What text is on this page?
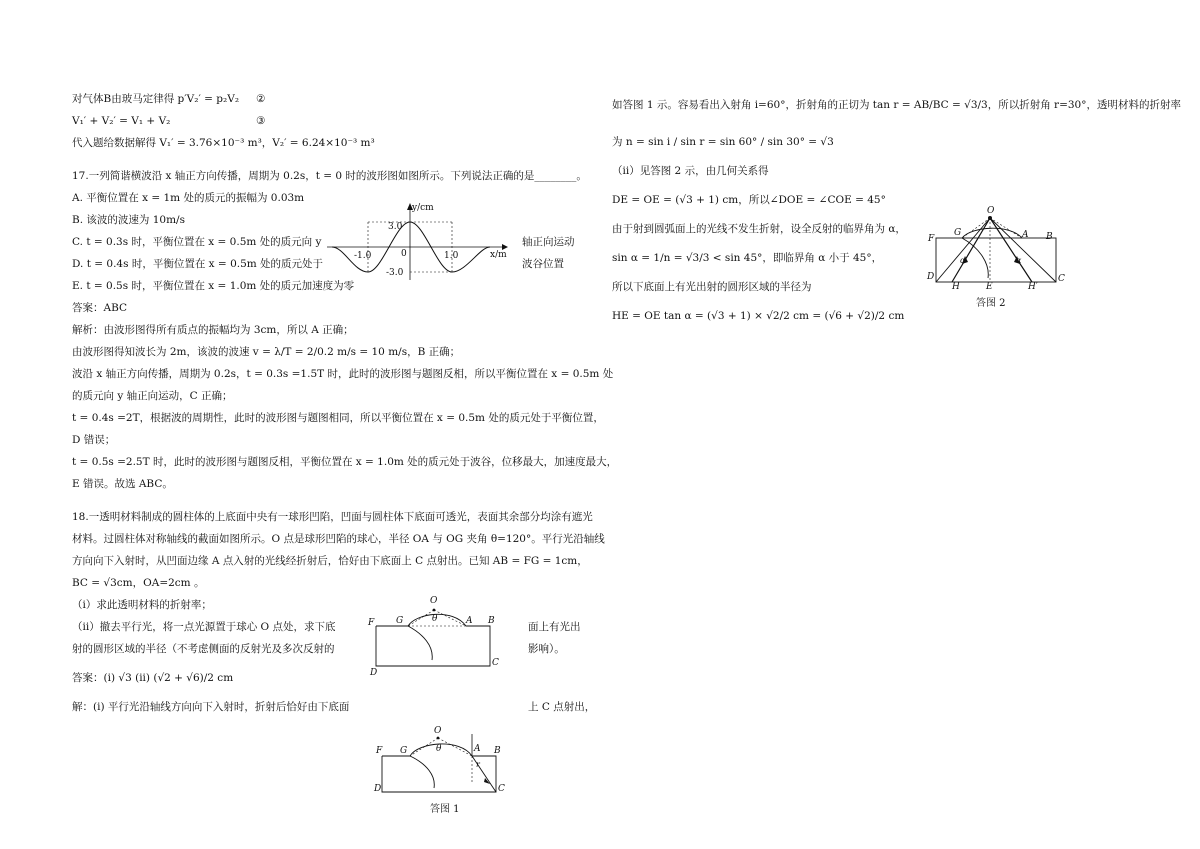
对气体B由玻马定律得 p′V₂′ = p₂V₂ ②
V₁′ + V₂′ = V₁ + V₂	③
代入题给数据解得 V₁′ = 3.76×10⁻³ m³，V₂′ = 6.24×10⁻³ m³
17.一列简谐横波沿 x 轴正方向传播，周期为 0.2s，t = 0 时的波形图如图所示。下列说法正确的是________。
A. 平衡位置在 x = 1m 处的质元的振幅为 0.03m
B. 该波的波速为 10m/s
C. t = 0.3s 时，平衡位置在 x = 0.5m 处的质元向 y	轴正向运动
D. t = 0.4s 时，平衡位置在 x = 0.5m 处的质元处于	波谷位置
E. t = 0.5s 时，平衡位置在 x = 1.0m 处的质元加速度为零
答案：ABC
解析：由波形图得所有质点的振幅均为 3cm，所以 A 正确；
由波形图得知波长为 2m，该波的波速 v = λ/T = 2/0.2 m/s = 10 m/s，B 正确；
波沿 x 轴正方向传播，周期为 0.2s，t = 0.3s =1.5T 时，此时的波形图与题图反相，所以平衡位置在 x = 0.5m 处
的质元向 y 轴正向运动，C 正确；
t = 0.4s =2T，根据波的周期性，此时的波形图与题图相同，所以平衡位置在 x = 0.5m 处的质元处于平衡位置，
D 错误；
t = 0.5s =2.5T 时，此时的波形图与题图反相，平衡位置在 x = 1.0m 处的质元处于波谷，位移最大，加速度最大，
E 错误。故选 ABC。
18.一透明材料制成的圆柱体的上底面中央有一球形凹陷，凹面与圆柱体下底面可透光，表面其余部分均涂有遮光
材料。过圆柱体对称轴线的截面如图所示。O 点是球形凹陷的球心，半径 OA 与 OG 夹角 θ=120°。平行光沿轴线
方向向下入射时，从凹面边缘 A 点入射的光线经折射后，恰好由下底面上 C 点射出。已知 AB = FG = 1cm，
BC = √3cm，OA=2cm 。
（i）求此透明材料的折射率；
（ii）撤去平行光，将一点光源置于球心 O 点处，求下底	面上有光出
射的圆形区域的半径（不考虑侧面的反射光及多次反射的	影响）。
答案：(i) √3 (ii) (√2 + √6)/2 cm
解：(i) 平行光沿轴线方向向下入射时，折射后恰好由下底面	上 C 点射出，
y/cm
x/m
3.0
-3.0
-1.0	0	1.0
O
F G	θ	A B
C
D
O
F G	θ	A B
r
C
D
答图 1
如答图 1 示。容易看出入射角 i=60°，折射角的正切为 tan r = AB/BC = √3/3，所以折射角 r=30°，透明材料的折射率
为 n = sin i / sin r = sin 60° / sin 30° = √3
（ii）见答图 2 示，由几何关系得
DE = OE = (√3 + 1) cm，所以∠DOE = ∠COE = 45°
由于射到圆弧面上的光线不发生折射，设全反射的临界角为 α，
sin α = 1/n = √3/3 < sin 45°，即临界角 α 小于 45°，
所以下底面上有光出射的圆形区域的半径为
HE = OE tan α = (√3 + 1) × √2/2 cm = (√6 + √2)/2 cm
O
F
G	A B
C
D
H	E	H′
α	α
答图 2
